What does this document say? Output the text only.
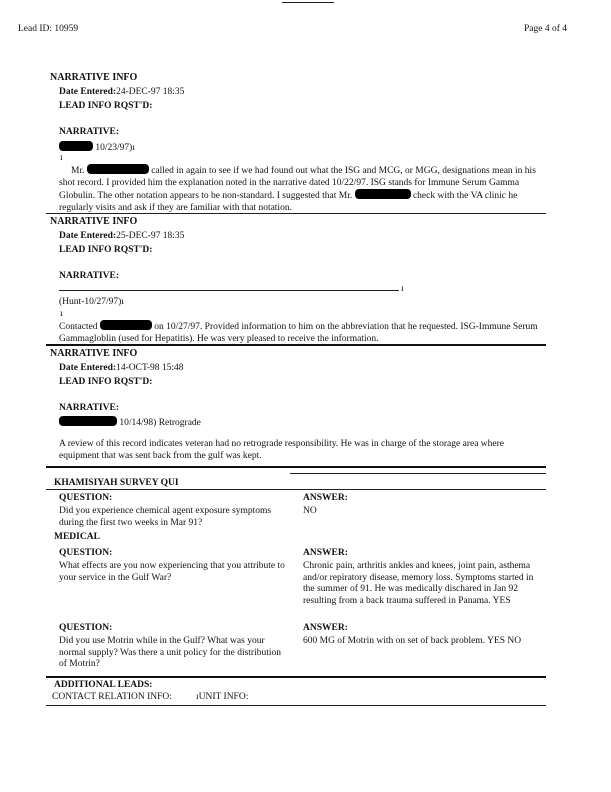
Lead ID: 10959	Page 4 of 4
NARRATIVE INFO
Date Entered:24-DEC-97 18:35
LEAD INFO RQST'D:
NARRATIVE:
10/23/97)ı
ı
Mr.	called in again to see if we had found out what the ISG and MCG, or MGG, designations mean in his shot record. I provided him the explanation noted in the narrative dated 10/22/97. ISG stands for Immune Serum Gamma Globulin. The other notation appears to be non-standard. I suggested that Mr.	check with the VA clinic he regularly visits and ask if they are familiar with that notation.
NARRATIVE INFO
Date Entered:25-DEC-97 18:35
LEAD INFO RQST'D:
NARRATIVE:
ı
(Hunt-10/27/97)ı
ı
Contacted	on 10/27/97. Provided information to him on the abbreviation that he requested. ISG-Immune Serum Gammagloblin (used for Hepatitis). He was very pleased to receive the information.
NARRATIVE INFO
Date Entered:14-OCT-98 15:48
LEAD INFO RQST'D:
NARRATIVE:
10/14/98) Retrograde
A review of this record indicates veteran had no retrograde responsibility. He was in charge of the storage area where equipment that was sent back from the gulf was kept.
KHAMISIYAH SURVEY QUI
QUESTION:	ANSWER:
Did you experience chemical agent exposure symptoms during the first two weeks in Mar 91?
NO
MEDICAL
QUESTION:	ANSWER:
What effects are you now experiencing that you attribute to your service in the Gulf War?
Chronic pain, arthritis ankles and knees, joint pain, asthema and/or repiratory disease, memory loss. Symptoms started in the summer of 91. He was medically dischared in Jan 92 resulting from a back trauma suffered in Panama. YES
QUESTION:	ANSWER:
Did you use Motrin while in the Gulf? What was your normal supply? Was there a unit policy for the distribution of Motrin?
600 MG of Motrin with on set of back problem. YES NO
ADDITIONAL LEADS:
CONTACT RELATION INFO:	ıUNIT INFO:
